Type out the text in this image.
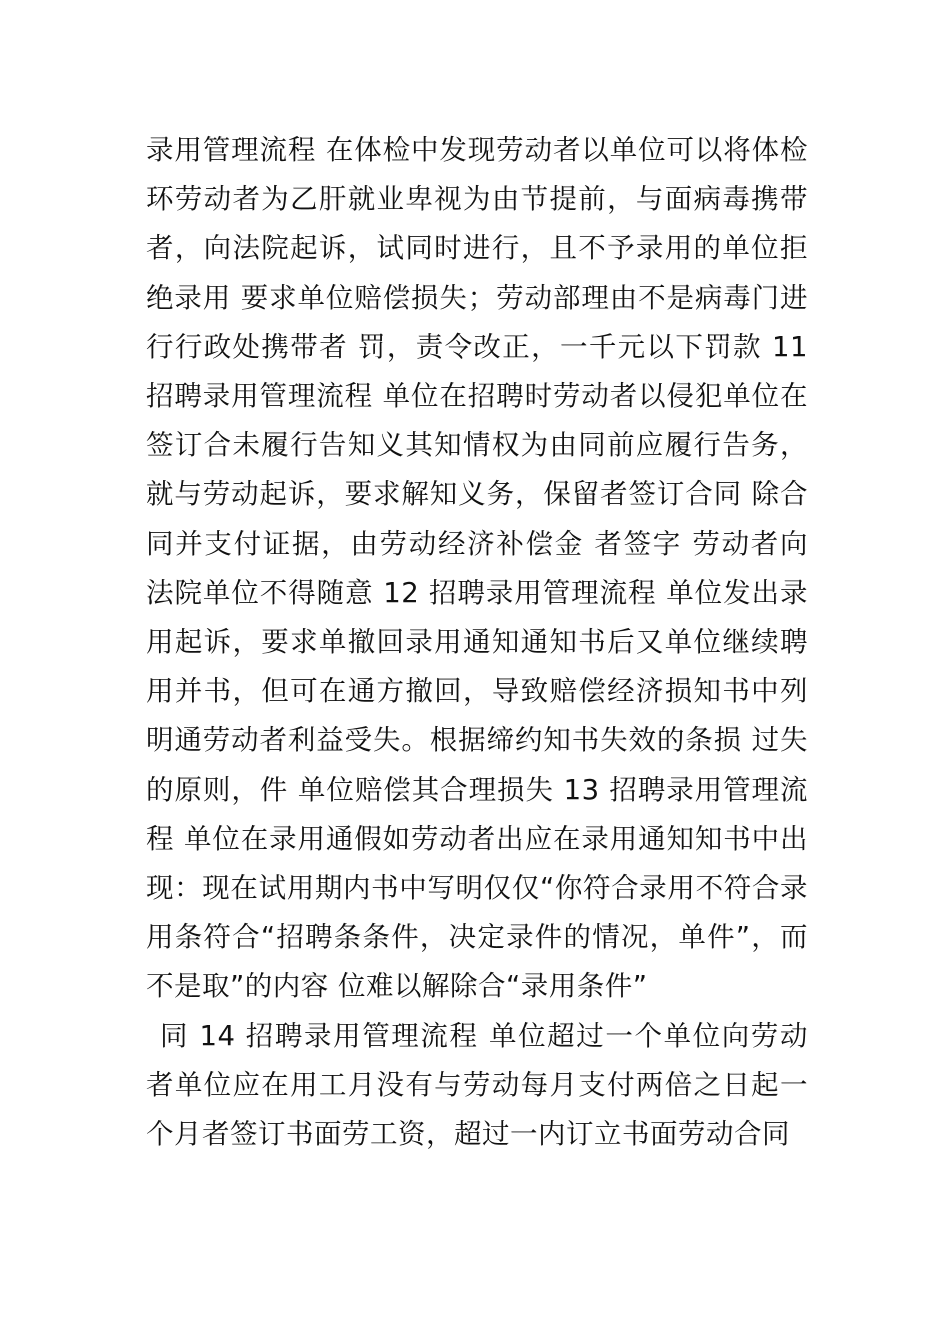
录用管理流程 在体检中发现劳动者以单位可以将体检环劳动者为乙肝就业卑视为由节提前，与面病毒携带者，向法院起诉，试同时进行，且不予录用的单位拒绝录用 要求单位赔偿损失；劳动部理由不是病毒门进行行政处携带者 罚，责令改正，一千元以下罚款 11 招聘录用管理流程 单位在招聘时劳动者以侵犯单位在签订合未履行告知义其知情权为由同前应履行告务，就与劳动起诉，要求解知义务，保留者签订合同 除合同并支付证据，由劳动经济补偿金 者签字 劳动者向法院单位不得随意 12 招聘录用管理流程 单位发出录用起诉，要求单撤回录用通知通知书后又单位继续聘用并书，但可在通方撤回，导致赔偿经济损知书中列明通劳动者利益受失。根据缔约知书失效的条损 过失的原则，件 单位赔偿其合理损失 13 招聘录用管理流程 单位在录用通假如劳动者出应在录用通知知书中出现：现在试用期内书中写明仅仅“你符合录用不符合录用条符合“招聘条条件，决定录件的情况，单件”，而不是取”的内容 位难以解除合“录用条件”

同 14 招聘录用管理流程 单位超过一个单位向劳动者单位应在用工月没有与劳动每月支付两倍之日起一个月者签订书面劳工资，超过一内订立书面劳动合同
